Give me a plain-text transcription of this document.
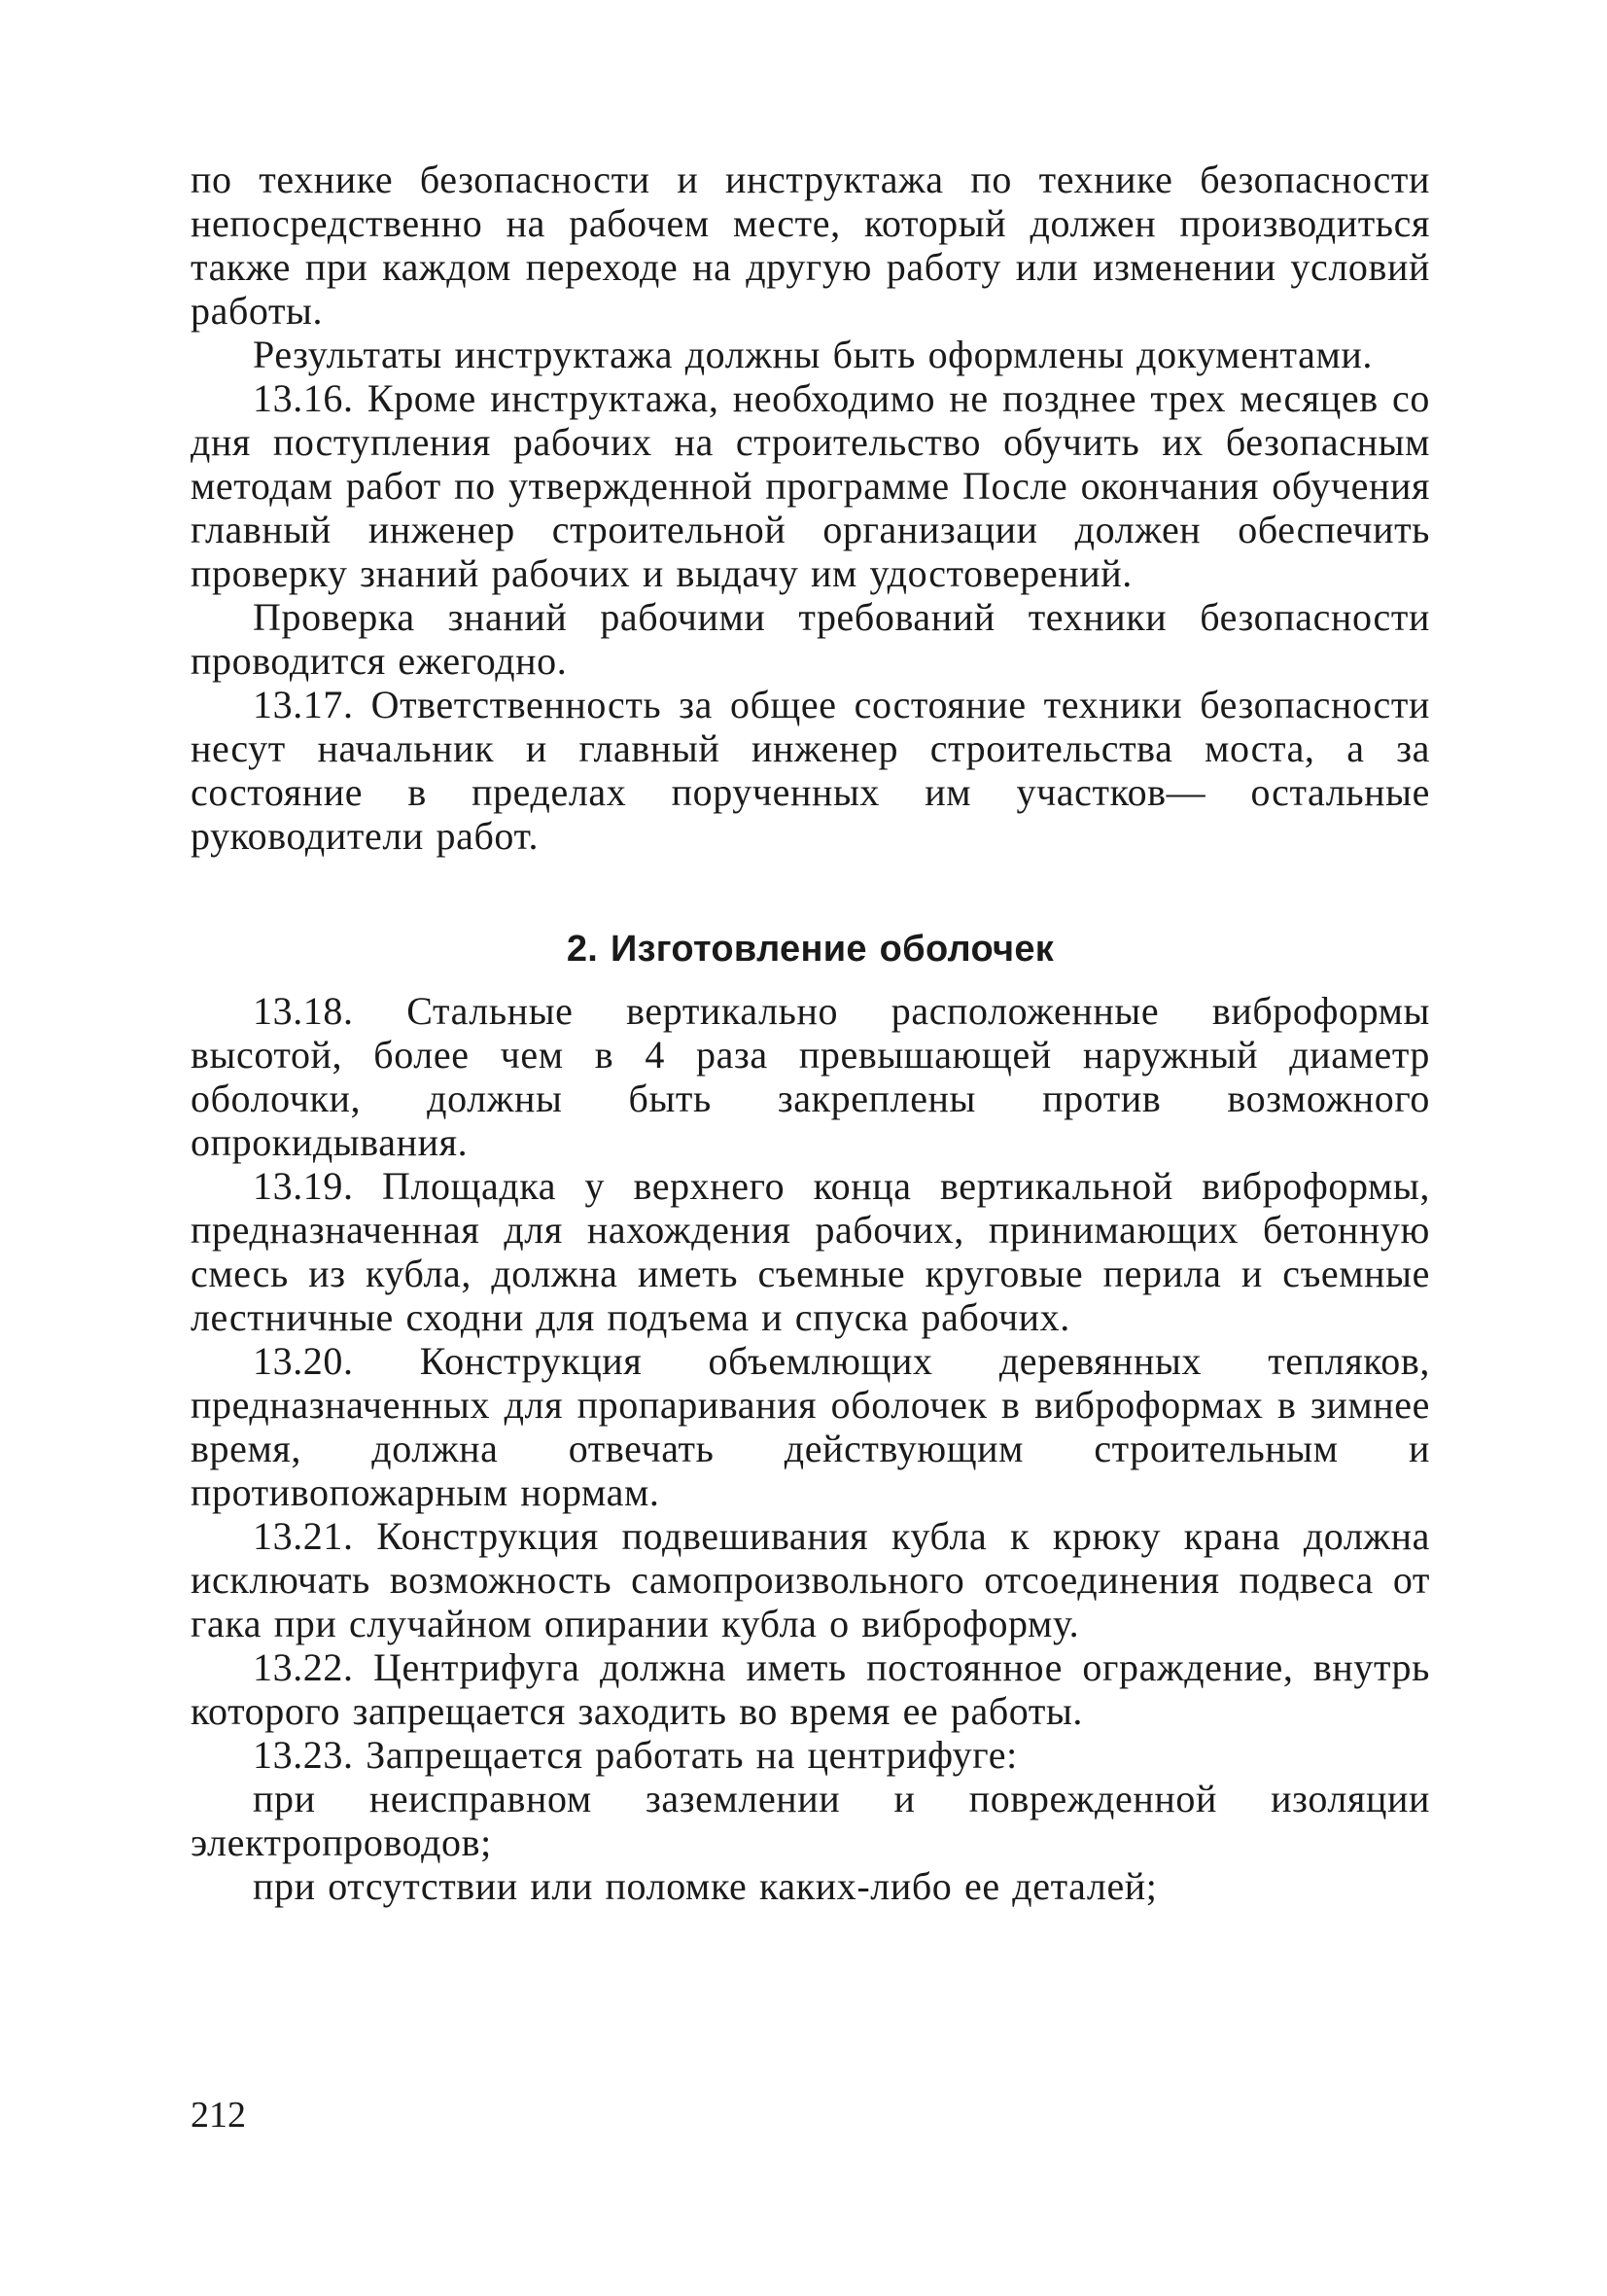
по технике безопасности и инструктажа по технике безопасности непосредственно на рабочем месте, который должен производиться также при каждом переходе на другую работу или изменении условий работы.

Результаты инструктажа должны быть оформлены документами.

13.16. Кроме инструктажа, необходимо не позднее трех месяцев со дня поступления рабочих на строительство обучить их безопасным методам работ по утвержденной программе После окончания обучения главный инженер строительной организации должен обеспечить проверку знаний рабочих и выдачу им удостоверений.

Проверка знаний рабочими требований техники безопасности проводится ежегодно.

13.17. Ответственность за общее состояние техники безопасности несут начальник и главный инженер строительства моста, а за состояние в пределах порученных им участков— остальные руководители работ.

2. Изготовление оболочек

13.18. Стальные вертикально расположенные виброформы высотой, более чем в 4 раза превышающей наружный диаметр оболочки, должны быть закреплены против возможного опрокидывания.

13.19. Площадка у верхнего конца вертикальной виброформы, предназначенная для нахождения рабочих, принимающих бетонную смесь из кубла, должна иметь съемные круговые перила и съемные лестничные сходни для подъема и спуска рабочих.

13.20. Конструкция объемлющих деревянных тепляков, предназначенных для пропаривания оболочек в виброформах в зимнее время, должна отвечать действующим строительным и противопожарным нормам.

13.21. Конструкция подвешивания кубла к крюку крана должна исключать возможность самопроизвольного отсоединения подвеса от гака при случайном опирании кубла о виброформу.

13.22. Центрифуга должна иметь постоянное ограждение, внутрь которого запрещается заходить во время ее работы.

13.23. Запрещается работать на центрифуге:

при неисправном заземлении и поврежденной изоляции электропроводов;

при отсутствии или поломке каких-либо ее деталей;

212
